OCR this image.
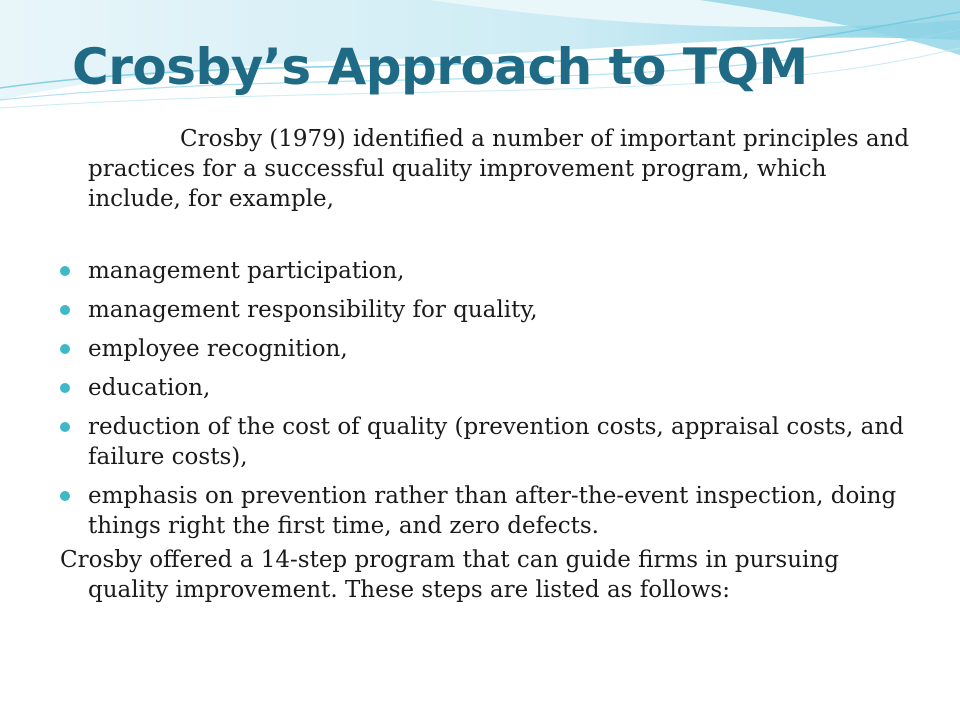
Crosby’s Approach to TQM

Crosby (1979) identified a number of important principles and practices for a successful quality improvement program, which include, for example,

management participation,
management responsibility for quality,
employee recognition,
education,
reduction of the cost of quality (prevention costs, appraisal costs, and failure costs),
emphasis on prevention rather than after-the-event inspection, doing things right the first time, and zero defects.

Crosby offered a 14-step program that can guide firms in pursuing quality improvement. These steps are listed as follows:
